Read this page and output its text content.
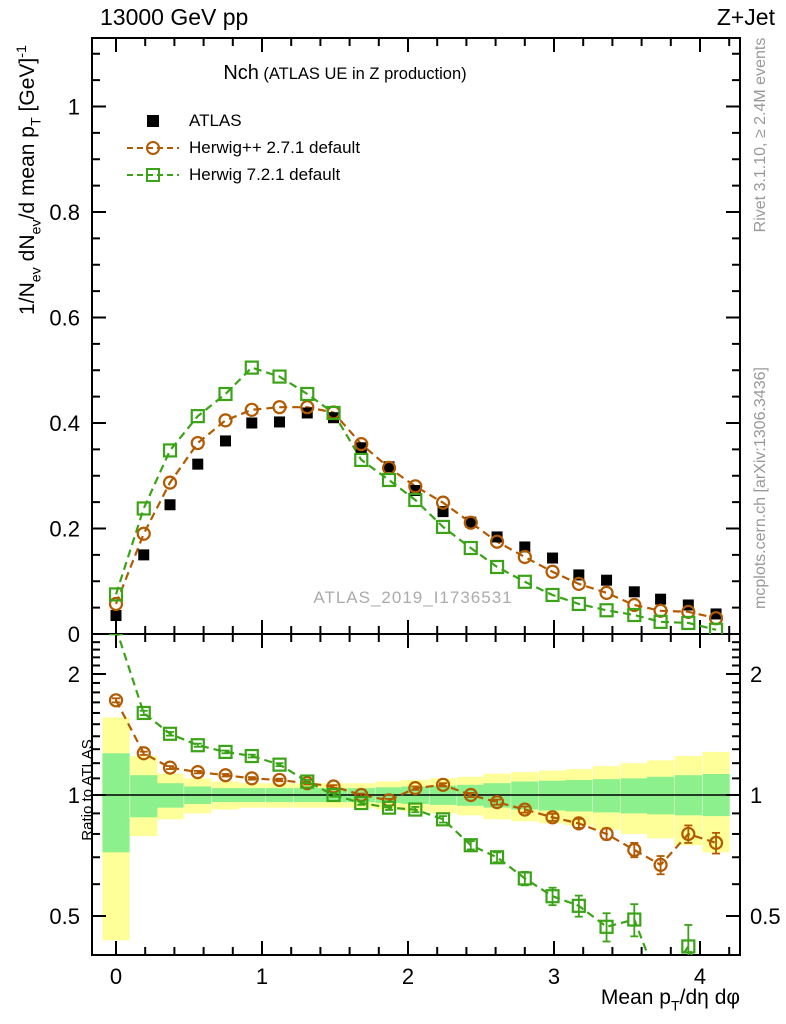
0
0.2
0.4
0.6
0.8
1
0.5	0.5
1	1
2	2
0	1	2	3	4
13000 GeV pp	Z+Jet
Nch (ATLAS UE in Z production)
ATLAS
Herwig++ 2.7.1 default
Herwig 7.2.1 default
$1/N_{ev}$ $dN_{ev}/d$ mean $p_T$ [GeV]$^{-1}$
Ratio to ATLAS
Rivet 3.1.10, ≥ 2.4M events
mcplots.cern.ch [arXiv:1306.3436]
ATLAS_2019_I1736531
Mean $p_T/d\eta$ dφ
